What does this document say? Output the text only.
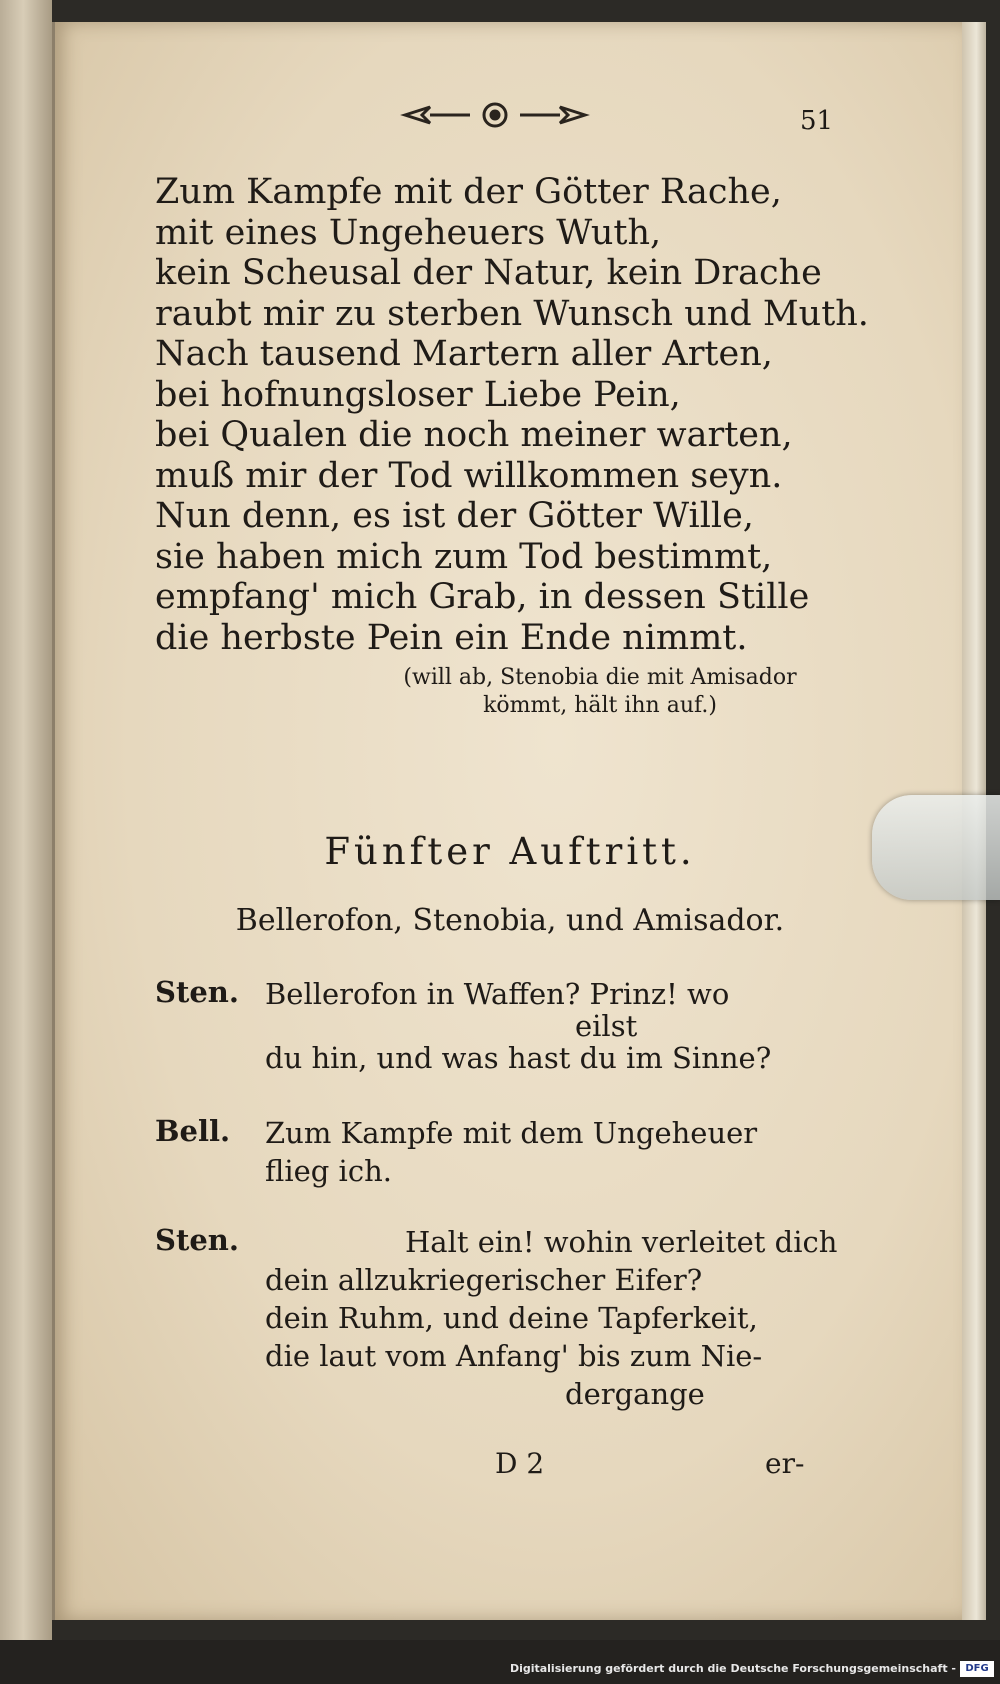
51
Zum Kampfe mit der Götter Rache,
mit eines Ungeheuers Wuth,
kein Scheusal der Natur, kein Drache
raubt mir zu sterben Wunsch und Muth.
Nach tausend Martern aller Arten,
bei hofnungsloser Liebe Pein,
bei Qualen die noch meiner warten,
muß mir der Tod willkommen seyn.
Nun denn, es ist der Götter Wille,
sie haben mich zum Tod bestimmt,
empfang' mich Grab, in dessen Stille
die herbste Pein ein Ende nimmt.
(will ab, Stenobia die mit Amisador
kömmt, hält ihn auf.)
Fünfter Auftritt.
Bellerofon, Stenobia, und Amisador.
Sten. Bellerofon in Waffen? Prinz! wo
eilst
du hin, und was hast du im Sinne?
Bell. Zum Kampfe mit dem Ungeheuer
flieg ich.
Sten.	Halt ein! wohin verleitet dich
dein allzukriegerischer Eifer?
dein Ruhm, und deine Tapferkeit,
die laut vom Anfang' bis zum Nie-
dergange
D 2	er-
Digitalisierung gefördert durch die Deutsche Forschungsgemeinschaft - DFG
